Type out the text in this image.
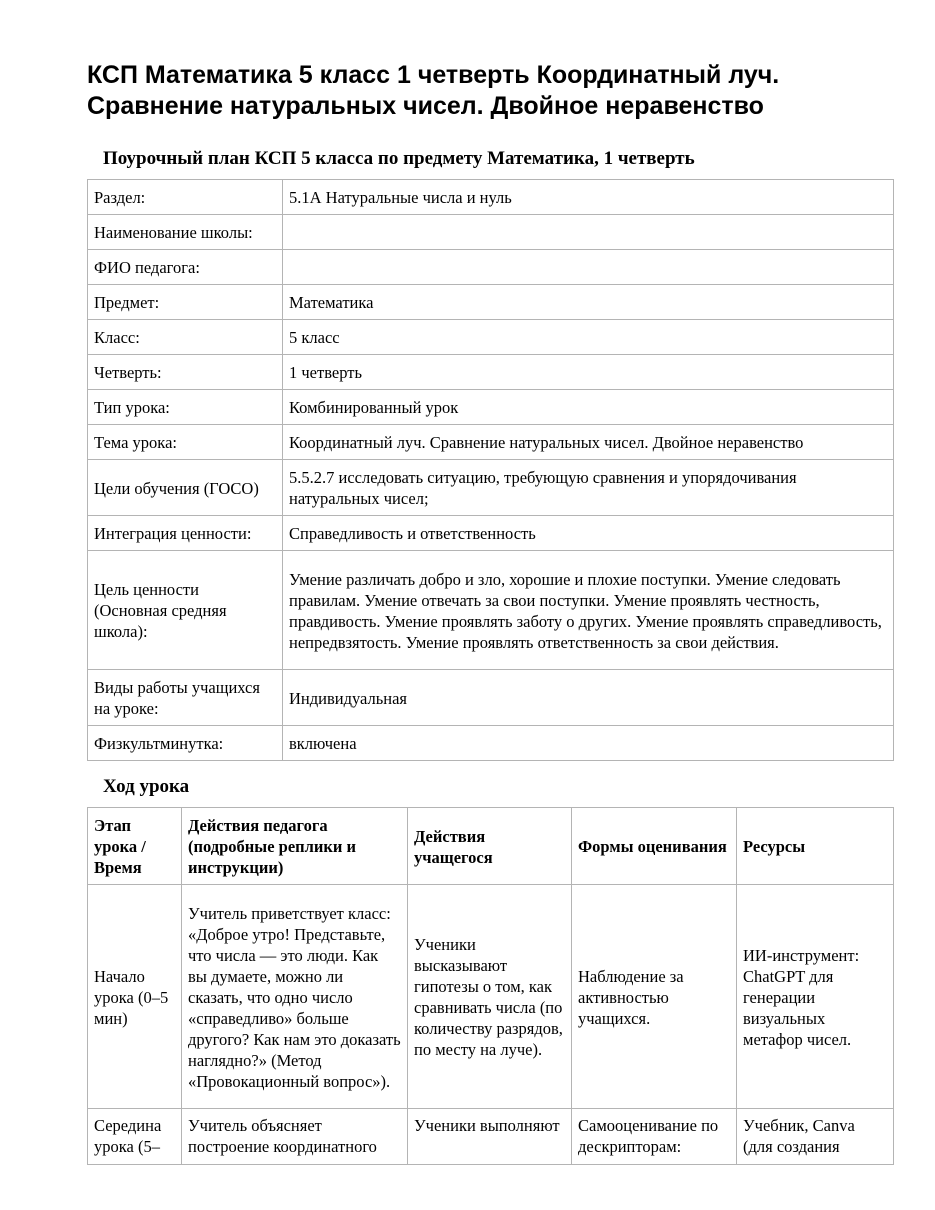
КСП Математика 5 класс 1 четверть Координатный луч. Сравнение натуральных чисел. Двойное неравенство
Поурочный план КСП 5 класса по предмету Математика, 1 четверть
Раздел:	5.1А Натуральные числа и нуль
Наименование школы:	
ФИО педагога:	
Предмет:	Математика
Класс:	5 класс
Четверть:	1 четверть
Тип урока:	Комбинированный урок
Тема урока:	Координатный луч. Сравнение натуральных чисел. Двойное неравенство
Цели обучения (ГОСО)	5.5.2.7 исследовать ситуацию, требующую сравнения и упорядочивания натуральных чисел;
Интеграция ценности:	Справедливость и ответственность
Цель ценности (Основная средняя школа):	Умение различать добро и зло, хорошие и плохие поступки. Умение следовать правилам. Умение отвечать за свои поступки. Умение проявлять честность, правдивость. Умение проявлять заботу о других. Умение проявлять справедливость, непредвзятость. Умение проявлять ответственность за свои действия.
Виды работы учащихся на уроке:	Индивидуальная
Физкультминутка:	включена
Ход урока
Этап урока / Время	Действия педагога (подробные реплики и инструкции)	Действия учащегося	Формы оценивания	Ресурсы
Начало урока (0–5 мин)	Учитель приветствует класс: «Доброе утро! Представьте, что числа — это люди. Как вы думаете, можно ли сказать, что одно число «справедливо» больше другого? Как нам это доказать наглядно?» (Метод «Провокационный вопрос»).	Ученики высказывают гипотезы о том, как сравнивать числа (по количеству разрядов, по месту на луче).	Наблюдение за активностью учащихся.	ИИ-инструмент: ChatGPT для генерации визуальных метафор чисел.
Середина урока (5–	Учитель объясняет построение координатного	Ученики выполняют	Самооценивание по дескрипторам:	Учебник, Canva (для создания
